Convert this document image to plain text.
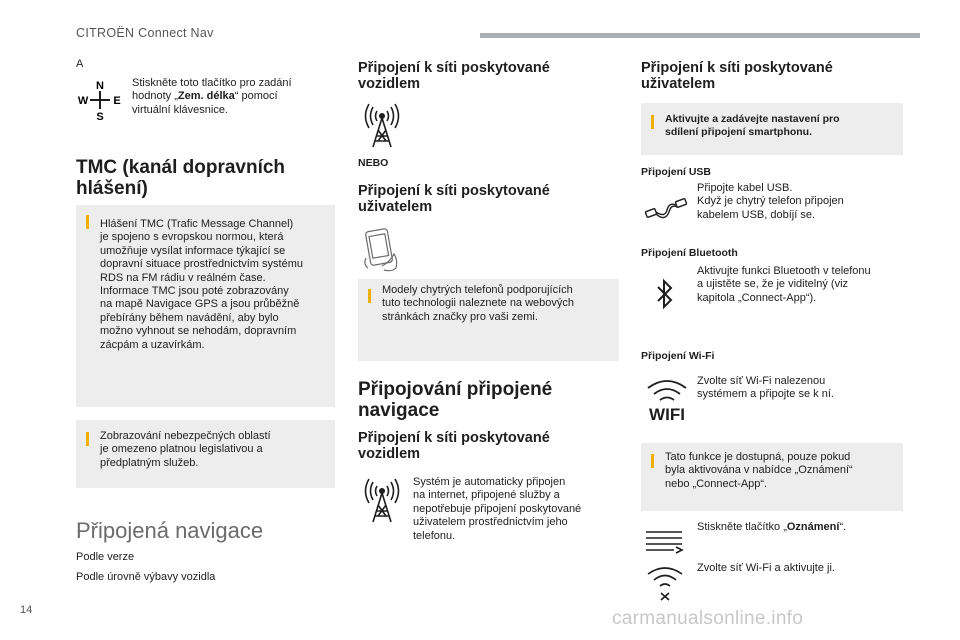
CITROËN Connect Nav
A
N
W E
S
Stiskněte toto tlačítko pro zadání
hodnoty „Zem. délka“ pomocí
virtuální klávesnice.
TMC (kanál dopravních
hlášení)
Hlášení TMC (Trafic Message Channel)
je spojeno s evropskou normou, která
umožňuje vysílat informace týkající se
dopravní situace prostřednictvím systému
RDS na FM rádiu v reálném čase.
Informace TMC jsou poté zobrazovány
na mapě Navigace GPS a jsou průběžně
přebírány během navádění, aby bylo
možno vyhnout se nehodám, dopravním
zácpám a uzavírkám.
Zobrazování nebezpečných oblastí
je omezeno platnou legislativou a
předplatným služeb.
Připojená navigace
Podle verze
Podle úrovně výbavy vozidla
Připojení k síti poskytované
vozidlem
NEBO
Připojení k síti poskytované
uživatelem
Modely chytrých telefonů podporujících
tuto technologii naleznete na webových
stránkách značky pro vaši zemi.
Připojování připojené
navigace
Připojení k síti poskytované
vozidlem
Systém je automaticky připojen
na internet, připojené služby a
nepotřebuje připojení poskytované
uživatelem prostřednictvím jeho
telefonu.
Připojení k síti poskytované
uživatelem
Aktivujte a zadávejte nastavení pro
sdílení připojení smartphonu.
Připojení USB
Připojte kabel USB.
Když je chytrý telefon připojen
kabelem USB, dobíjí se.
Připojení Bluetooth
Aktivujte funkci Bluetooth v telefonu
a ujistěte se, že je viditelný (viz
kapitola „Connect-App“).
Připojení Wi-Fi
WIFI
Zvolte síť Wi-Fi nalezenou
systémem a připojte se k ní.
Tato funkce je dostupná, pouze pokud
byla aktivována v nabídce „Oznámení“
nebo „Connect-App“.
Stiskněte tlačítko „Oznámení“.
Zvolte síť Wi-Fi a aktivujte ji.
14	carmanualsonline.info
